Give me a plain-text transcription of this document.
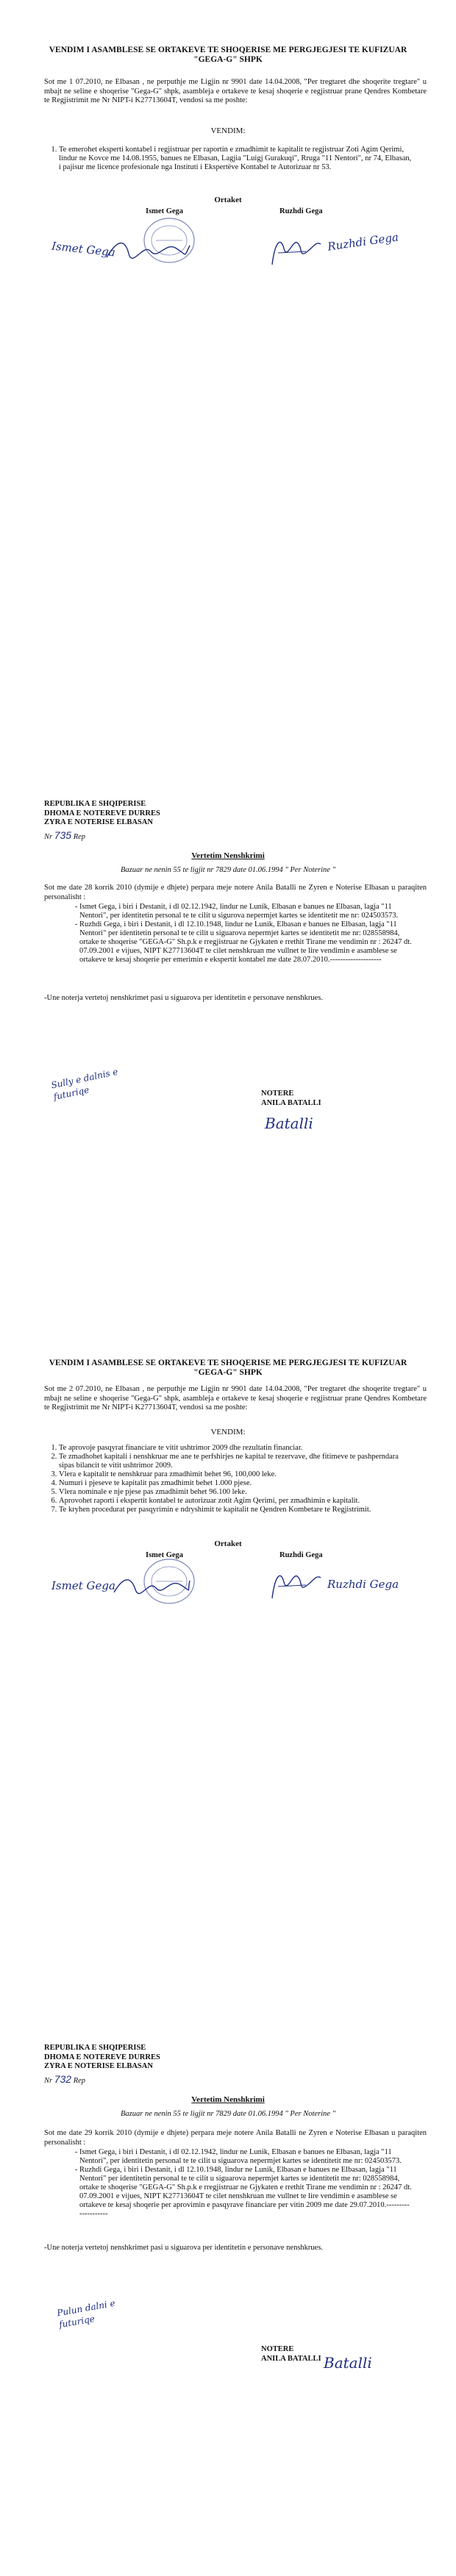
VENDIM I ASAMBLESE SE ORTAKEVE TE SHOQERISE ME PERGJEGJESI TE KUFIZUAR "GEGA-G" SHPK
Sot me 1 07.2010, ne Elbasan , ne perputhje me Ligjin nr 9901 date 14.04.2008, "Per tregtaret dhe shoqerite tregtare" u mbajt ne seline e shoqerise "Gega-G" shpk, asambleja e ortakeve te kesaj shoqerie e regjistruar prane Qendres Kombetare te Regjistrimit me Nr NIPT-i K27713604T, vendosi sa me poshte:
VENDIM:
1. Te emerohet eksperti kontabel i regjistruar per raportin e zmadhimit te kapitalit te regjistruar Zoti Agim Qerimi, lindur ne Kovce me 14.08.1955, banues ne Elbasan, Lagjia "Luigj Gurakuqi", Rruga "11 Nentori", nr 74, Elbasan, i pajisur me licence profesionale nga Instituti i Ekspertëve Kontabel te Autorizuar nr 53.
Ortaket
Ismet Gega	Ruzhdi Gega
Ismet Gega	Ruzhdi Gega
REPUBLIKA E SHQIPERISE
DHOMA E NOTEREVE DURRES
ZYRA E NOTERISE ELBASAN
Nr 735 Rep
Vertetim Nenshkrimi
Bazuar ne nenin 55 te ligjit nr 7829 date 01.06.1994 " Per Noterine "
Sot me date 28 korrik 2010 (dymije e dhjete) perpara meje notere Anila Batalli ne Zyren e Noterise Elbasan u paraqiten personalisht :
- Ismet Gega, i biri i Destanit, i dl 02.12.1942, lindur ne Lunik, Elbasan e banues ne Elbasan, lagja "11 Nentori", per identitetin personal te te cilit u sigurova nepermjet kartes se identitetit me nr: 024503573.
- Ruzhdi Gega, i biri i Destanit, i dl 12.10.1948, lindur ne Lunik, Elbasan e banues ne Elbasan, lagja "11 Nentori" per identitetin personal te te cilit u siguarova nepermjet kartes se identitetit me nr: 028558984, ortake te shoqerise "GEGA-G" Sh.p.k e rregjistruar ne Gjykaten e rrethit Tirane me vendimin nr : 26247 dt. 07.09.2001 e vijues, NIPT K27713604T te cilet nenshkruan me vullnet te lire vendimin e asamblese se ortakeve te kesaj shoqerie per emerimin e ekspertit kontabel me date 28.07.2010.--------------------
-Une noterja vertetoj nenshkrimet pasi u siguarova per identitetin e personave nenshkrues.
Sully e dalnis e futuriqe	NOTERE
ANILA BATALLI
Batalli
VENDIM I ASAMBLESE SE ORTAKEVE TE SHOQERISE ME PERGJEGJESI TE KUFIZUAR "GEGA-G" SHPK
Sot me 2 07.2010, ne Elbasan , ne perputhje me Ligjin nr 9901 date 14.04.2008, "Per tregtaret dhe shoqerite tregtare" u mbajt ne seline e shoqerise "Gega-G" shpk, asambleja e ortakeve te kesaj shoqerie e regjistruar prane Qendres Kombetare te Regjistrimit me Nr NIPT-i K27713604T, vendosi sa me poshte:
VENDIM:
1. Te aprovoje pasqyrat financiare te vitit ushtrimor 2009 dhe rezultatin financiar.
2. Te zmadhohet kapitali i nenshkruar me ane te perfshirjes ne kapital te rezervave, dhe fitimeve te pashperndara sipas bilancit te vitit ushtrimor 2009.
3. Vlera e kapitalit te nenshkruar para zmadhimit behet 96, 100,000 leke.
4. Numuri i pjeseve te kapitalit pas zmadhimit behet 1.000 pjese.
5. Vlera nominale e nje pjese pas zmadhimit behet 96.100 leke.
6. Aprovohet raporti i ekspertit kontabel te autorizuar zotit Agim Qerimi, per zmadhimin e kapitalit.
7. Te kryhen procedurat per pasqyrimin e ndryshimit te kapitalit ne Qendren Kombetare te Regjistrimit.
Ortaket
Ismet Gega	Ruzhdi Gega
Ismet Gega	Ruzhdi Gega
REPUBLIKA E SHQIPERISE
DHOMA E NOTEREVE DURRES
ZYRA E NOTERISE ELBASAN
Nr 732 Rep
Vertetim Nenshkrimi
Bazuar ne nenin 55 te ligjit nr 7829 date 01.06.1994 " Per Noterine "
Sot me date 29 korrik 2010 (dymije e dhjete) perpara meje notere Anila Batalli ne Zyren e Noterise Elbasan u paraqiten personalisht :
- Ismet Gega, i biri i Destanit, i dl 02.12.1942, lindur ne Lunik, Elbasan e banues ne Elbasan, lagja "11 Nentori", per identitetin personal te te cilit u siguarova nepermjet kartes se identitetit me nr: 024503573.
- Ruzhdi Gega, i biri i Destanit, i dl 12.10.1948, lindur ne Lunik, Elbasan e banues ne Elbasan, lagja "11 Nentori" per identitetin personal te te cilit u siguarova nepermjet kartes se identitetit me nr: 028558984, ortake te shoqerise "GEGA-G" Sh.p.k e rregjistruar ne Gjykaten e rrethit Tirane me vendimin nr : 26247 dt. 07.09.2001 e vijues, NIPT K27713604T te cilet nenshkruan me vullnet te lire vendimin e asamblese se ortakeve te kesaj shoqerie per aprovimin e pasqyrave financiare per vitin 2009 me date 29.07.2010.--------------------
-Une noterja vertetoj nenshkrimet pasi u siguarova per identitetin e personave nenshkrues.
Pulun dalni e futuriqe
NOTERE
ANILA BATALLI Batalli
